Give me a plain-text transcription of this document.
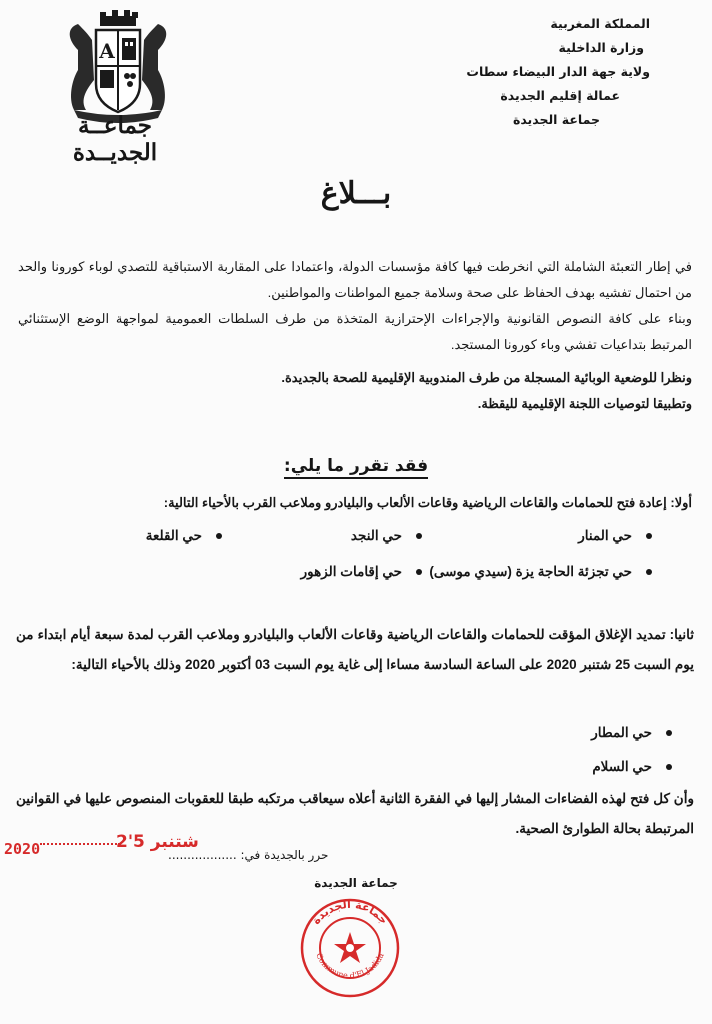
A
جماعــة الجديــدة
المملكة المغربية
وزارة الداخلية
ولاية جهة الدار البيضاء سطات
عمالة إقليم الجديدة
جماعة الجديدة
بـــلاغ

في إطار التعبئة الشاملة التي انخرطت فيها كافة مؤسسات الدولة، واعتمادا على المقاربة الاستباقية للتصدي لوباء كورونا والحد من احتمال تفشيه بهدف الحفاظ على صحة وسلامة جميع المواطنات والمواطنين.

وبناء على كافة النصوص القانونية والإجراءات الإحترازية المتخذة من طرف السلطات العمومية لمواجهة الوضع الإستثنائي المرتبط بتداعيات تفشي وباء كورونا المستجد.

ونظرا للوضعية الوبائية المسجلة من طرف المندوبية الإقليمية للصحة بالجديدة.

وتطبيقا لتوصيات اللجنة الإقليمية لليقظة.

فقد تقرر ما يلي:
أولا: إعادة فتح للحمامات والقاعات الرياضية وقاعات الألعاب والبليادرو وملاعب القرب بالأحياء التالية:
حي المنار
حي النجد
حي القلعة
حي تجزئة الحاجة يزة (سيدي موسى)
حي إقامات الزهور
ثانيا: تمديد الإغلاق المؤقت للحمامات والقاعات الرياضية وقاعات الألعاب والبليادرو وملاعب القرب لمدة سبعة أيام ابتداء من يوم السبت 25 شتنبر 2020 على الساعة السادسة مساءا إلى غاية يوم السبت 03 أكتوبر 2020 وذلك بالأحياء التالية:
حي المطار
حي السلام
وأن كل فتح لهذه الفضاءات المشار إليها في الفقرة الثانية أعلاه سيعاقب مرتكبه طبقا للعقوبات المنصوص عليها في القوانين المرتبطة بحالة الطوارئ الصحية.
2020	2'5 شتنبر
حرر بالجديدة في: ..................
جماعة الجديدة
جماعة الجديدة
Commune d'El Jadida
